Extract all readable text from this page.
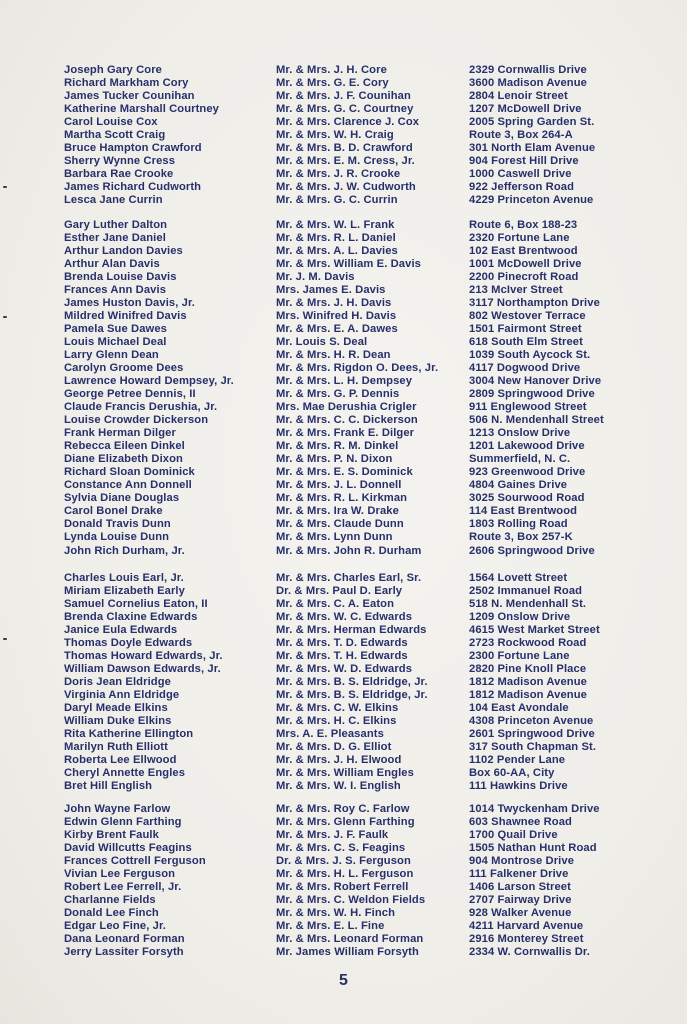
Joseph Gary Core	Mr. & Mrs. J. H. Core	2329 Cornwallis Drive
Richard Markham Cory	Mr. & Mrs. G. E. Cory	3600 Madison Avenue
James Tucker Counihan	Mr. & Mrs. J. F. Counihan	2804 Lenoir Street
Katherine Marshall Courtney	Mr. & Mrs. G. C. Courtney	1207 McDowell Drive
Carol Louise Cox	Mr. & Mrs. Clarence J. Cox	2005 Spring Garden St.
Martha Scott Craig	Mr. & Mrs. W. H. Craig	Route 3, Box 264-A
Bruce Hampton Crawford	Mr. & Mrs. B. D. Crawford	301 North Elam Avenue
Sherry Wynne Cress	Mr. & Mrs. E. M. Cress, Jr.	904 Forest Hill Drive
Barbara Rae Crooke	Mr. & Mrs. J. R. Crooke	1000 Caswell Drive
James Richard Cudworth	Mr. & Mrs. J. W. Cudworth	922 Jefferson Road
Lesca Jane Currin	Mr. & Mrs. G. C. Currin	4229 Princeton Avenue
Gary Luther Dalton	Mr. & Mrs. W. L. Frank	Route 6, Box 188-23
Esther Jane Daniel	Mr. & Mrs. R. L. Daniel	2320 Fortune Lane
Arthur Landon Davies	Mr. & Mrs. A. L. Davies	102 East Brentwood
Arthur Alan Davis	Mr. & Mrs. William E. Davis	1001 McDowell Drive
Brenda Louise Davis	Mr. J. M. Davis	2200 Pinecroft Road
Frances Ann Davis	Mrs. James E. Davis	213 McIver Street
James Huston Davis, Jr.	Mr. & Mrs. J. H. Davis	3117 Northampton Drive
Mildred Winifred Davis	Mrs. Winifred H. Davis	802 Westover Terrace
Pamela Sue Dawes	Mr. & Mrs. E. A. Dawes	1501 Fairmont Street
Louis Michael Deal	Mr. Louis S. Deal	618 South Elm Street
Larry Glenn Dean	Mr. & Mrs. H. R. Dean	1039 South Aycock St.
Carolyn Groome Dees	Mr. & Mrs. Rigdon O. Dees, Jr.	4117 Dogwood Drive
Lawrence Howard Dempsey, Jr.	Mr. & Mrs. L. H. Dempsey	3004 New Hanover Drive
George Petree Dennis, II	Mr. & Mrs. G. P. Dennis	2809 Springwood Drive
Claude Francis Derushia, Jr.	Mrs. Mae Derushia Crigler	911 Englewood Street
Louise Crowder Dickerson	Mr. & Mrs. C. C. Dickerson	506 N. Mendenhall Street
Frank Herman Dilger	Mr. & Mrs. Frank E. Dilger	1213 Onslow Drive
Rebecca Eileen Dinkel	Mr. & Mrs. R. M. Dinkel	1201 Lakewood Drive
Diane Elizabeth Dixon	Mr. & Mrs. P. N. Dixon	Summerfield, N. C.
Richard Sloan Dominick	Mr. & Mrs. E. S. Dominick	923 Greenwood Drive
Constance Ann Donnell	Mr. & Mrs. J. L. Donnell	4804 Gaines Drive
Sylvia Diane Douglas	Mr. & Mrs. R. L. Kirkman	3025 Sourwood Road
Carol Bonel Drake	Mr. & Mrs. Ira W. Drake	114 East Brentwood
Donald Travis Dunn	Mr. & Mrs. Claude Dunn	1803 Rolling Road
Lynda Louise Dunn	Mr. & Mrs. Lynn Dunn	Route 3, Box 257-K
John Rich Durham, Jr.	Mr. & Mrs. John R. Durham	2606 Springwood Drive
Charles Louis Earl, Jr.	Mr. & Mrs. Charles Earl, Sr.	1564 Lovett Street
Miriam Elizabeth Early	Dr. & Mrs. Paul D. Early	2502 Immanuel Road
Samuel Cornelius Eaton, II	Mr. & Mrs. C. A. Eaton	518 N. Mendenhall St.
Brenda Claxine Edwards	Mr. & Mrs. W. C. Edwards	1209 Onslow Drive
Janice Eula Edwards	Mr. & Mrs. Herman Edwards	4615 West Market Street
Thomas Doyle Edwards	Mr. & Mrs. T. D. Edwards	2723 Rockwood Road
Thomas Howard Edwards, Jr.	Mr. & Mrs. T. H. Edwards	2300 Fortune Lane
William Dawson Edwards, Jr.	Mr. & Mrs. W. D. Edwards	2820 Pine Knoll Place
Doris Jean Eldridge	Mr. & Mrs. B. S. Eldridge, Jr.	1812 Madison Avenue
Virginia Ann Eldridge	Mr. & Mrs. B. S. Eldridge, Jr.	1812 Madison Avenue
Daryl Meade Elkins	Mr. & Mrs. C. W. Elkins	104 East Avondale
William Duke Elkins	Mr. & Mrs. H. C. Elkins	4308 Princeton Avenue
Rita Katherine Ellington	Mrs. A. E. Pleasants	2601 Springwood Drive
Marilyn Ruth Elliott	Mr. & Mrs. D. G. Elliot	317 South Chapman St.
Roberta Lee Ellwood	Mr. & Mrs. J. H. Elwood	1102 Pender Lane
Cheryl Annette Engles	Mr. & Mrs. William Engles	Box 60-AA, City
Bret Hill English	Mr. & Mrs. W. I. English	111 Hawkins Drive
John Wayne Farlow	Mr. & Mrs. Roy C. Farlow	1014 Twyckenham Drive
Edwin Glenn Farthing	Mr. & Mrs. Glenn Farthing	603 Shawnee Road
Kirby Brent Faulk	Mr. & Mrs. J. F. Faulk	1700 Quail Drive
David Willcutts Feagins	Mr. & Mrs. C. S. Feagins	1505 Nathan Hunt Road
Frances Cottrell Ferguson	Dr. & Mrs. J. S. Ferguson	904 Montrose Drive
Vivian Lee Ferguson	Mr. & Mrs. H. L. Ferguson	111 Falkener Drive
Robert Lee Ferrell, Jr.	Mr. & Mrs. Robert Ferrell	1406 Larson Street
Charlanne Fields	Mr. & Mrs. C. Weldon Fields	2707 Fairway Drive
Donald Lee Finch	Mr. & Mrs. W. H. Finch	928 Walker Avenue
Edgar Leo Fine, Jr.	Mr. & Mrs. E. L. Fine	4211 Harvard Avenue
Dana Leonard Forman	Mr. & Mrs. Leonard Forman	2916 Monterey Street
Jerry Lassiter Forsyth	Mr. James William Forsyth	2334 W. Cornwallis Dr.
5
